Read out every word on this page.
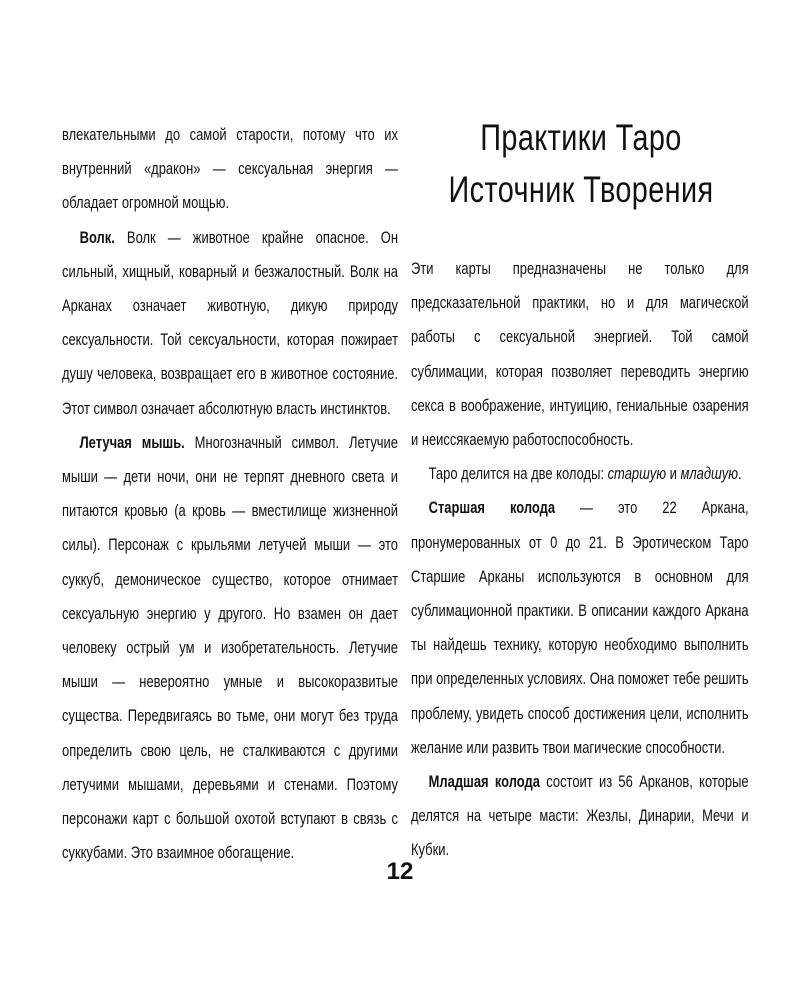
влекательными до самой старости, потому что их внутренний «дракон» — сексуальная энергия — обладает огромной мощью.

Волк. Волк — животное крайне опасное. Он сильный, хищный, коварный и безжалостный. Волк на Арканах означает животную, дикую природу сексуальности. Той сексуальности, которая пожирает душу человека, возвращает его в животное состояние. Этот символ означает абсолютную власть инстинктов.

Летучая мышь. Многозначный символ. Летучие мыши — дети ночи, они не терпят дневного света и питаются кровью (а кровь — вместилище жизненной силы). Персонаж с крыльями летучей мыши — это суккуб, демоническое существо, которое отнимает сексуальную энергию у другого. Но взамен он дает человеку острый ум и изобретательность. Летучие мыши — невероятно умные и высокоразвитые существа. Передвигаясь во тьме, они могут без труда определить свою цель, не сталкиваются с другими летучими мышами, деревьями и стенами. Поэтому персонажи карт с большой охотой вступают в связь с суккубами. Это взаимное обогащение.

Практики Таро
Источник Творения

Эти карты предназначены не только для предсказательной практики, но и для магической работы с сексуальной энергией. Той самой сублимации, которая позволяет переводить энергию секса в воображение, интуицию, гениальные озарения и неиссякаемую работоспособность.

Таро делится на две колоды: старшую и младшую.

Старшая колода — это 22 Аркана, пронумерованных от 0 до 21. В Эротическом Таро Старшие Арканы используются в основном для сублимационной практики. В описании каждого Аркана ты найдешь технику, которую необходимо выполнить при определенных условиях. Она поможет тебе решить проблему, увидеть способ достижения цели, исполнить желание или развить твои магические способности.

Младшая колода состоит из 56 Арканов, которые делятся на четыре масти: Жезлы, Динарии, Мечи и Кубки.

12
